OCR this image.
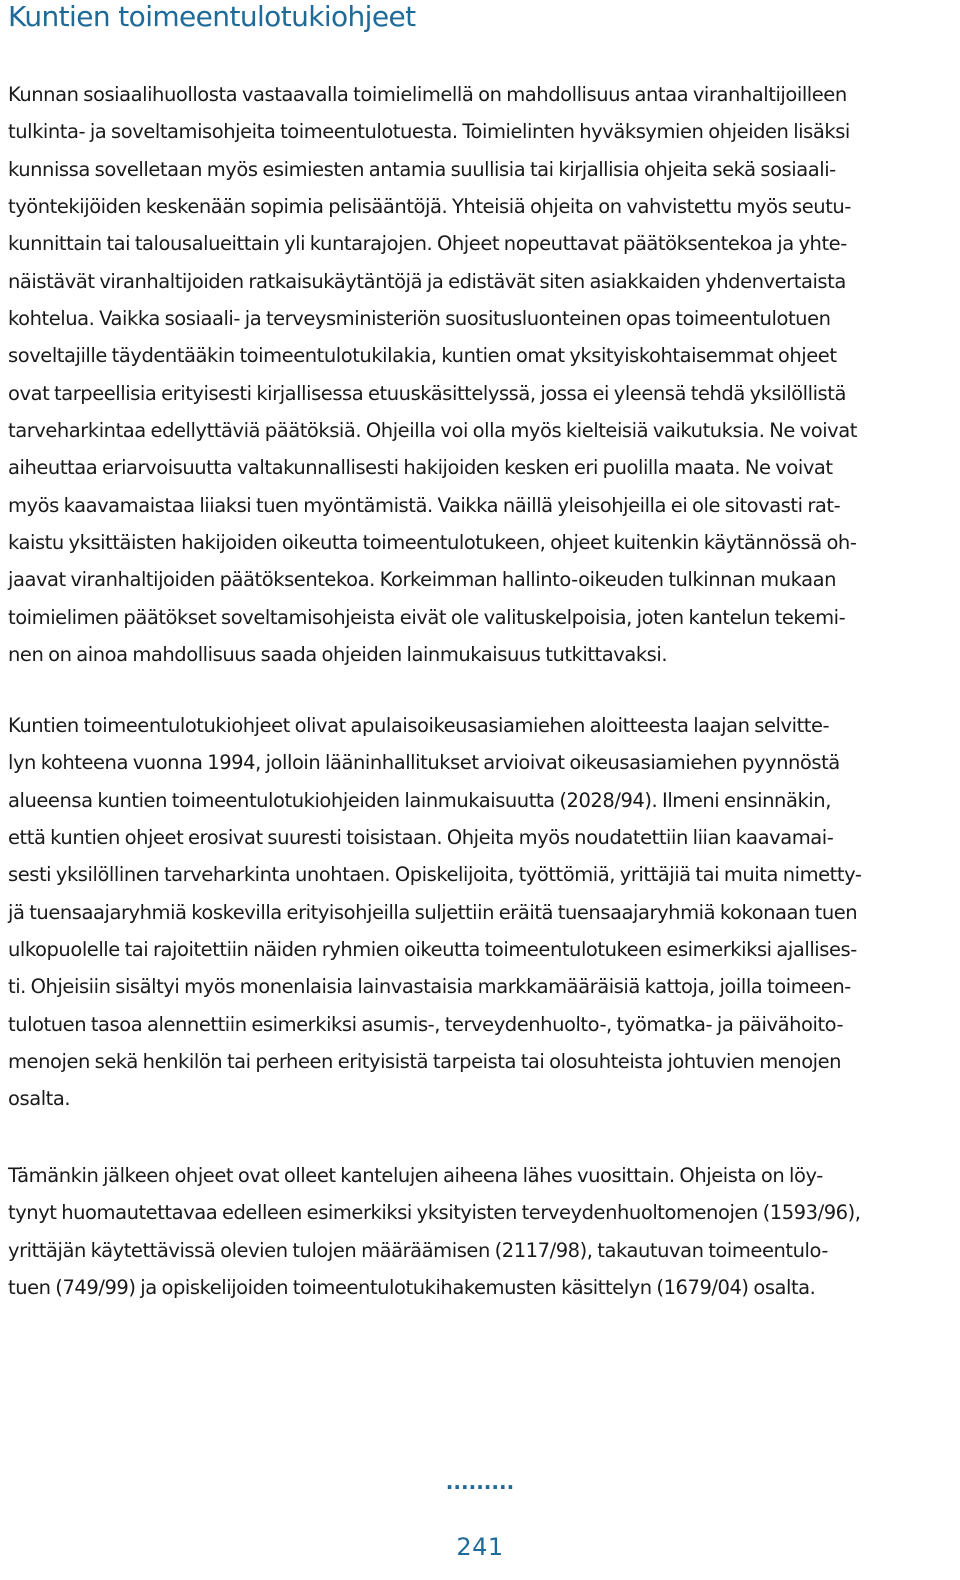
Kuntien toimeentulotukiohjeet
Kunnan sosiaalihuollosta vastaavalla toimielimellä on mahdollisuus antaa viranhaltijoilleen
tulkinta- ja soveltamisohjeita toimeentulotuesta. Toimielinten hyväksymien ohjeiden lisäksi
kunnissa sovelletaan myös esimiesten antamia suullisia tai kirjallisia ohjeita sekä sosiaali-
työntekijöiden keskenään sopimia pelisääntöjä. Yhteisiä ohjeita on vahvistettu myös seutu-
kunnittain tai talousalueittain yli kuntarajojen. Ohjeet nopeuttavat päätöksentekoa ja yhte-
näistävät viranhaltijoiden ratkaisukäytäntöjä ja edistävät siten asiakkaiden yhdenvertaista
kohtelua. Vaikka sosiaali- ja terveysministeriön suositusluonteinen opas toimeentulotuen
soveltajille täydentääkin toimeentulotukilakia, kuntien omat yksityiskohtaisemmat ohjeet
ovat tarpeellisia erityisesti kirjallisessa etuuskäsittelyssä, jossa ei yleensä tehdä yksilöllistä
tarveharkintaa edellyttäviä päätöksiä. Ohjeilla voi olla myös kielteisiä vaikutuksia. Ne voivat
aiheuttaa eriarvoisuutta valtakunnallisesti hakijoiden kesken eri puolilla maata. Ne voivat
myös kaavamaistaa liiaksi tuen myöntämistä. Vaikka näillä yleisohjeilla ei ole sitovasti rat-
kaistu yksittäisten hakijoiden oikeutta toimeentulotukeen, ohjeet kuitenkin käytännössä oh-
jaavat viranhaltijoiden päätöksentekoa. Korkeimman hallinto-oikeuden tulkinnan mukaan
toimielimen päätökset soveltamisohjeista eivät ole valituskelpoisia, joten kantelun tekemi-
nen on ainoa mahdollisuus saada ohjeiden lainmukaisuus tutkittavaksi.
Kuntien toimeentulotukiohjeet olivat apulaisoikeusasiamiehen aloitteesta laajan selvitte-
lyn kohteena vuonna 1994, jolloin lääninhallitukset arvioivat oikeusasiamiehen pyynnöstä
alueensa kuntien toimeentulotukiohjeiden lainmukaisuutta (2028/94). Ilmeni ensinnäkin,
että kuntien ohjeet erosivat suuresti toisistaan. Ohjeita myös noudatettiin liian kaavamai-
sesti yksilöllinen tarveharkinta unohtaen. Opiskelijoita, työttömiä, yrittäjiä tai muita nimetty-
jä tuensaajaryhmiä koskevilla erityisohjeilla suljettiin eräitä tuensaajaryhmiä kokonaan tuen
ulkopuolelle tai rajoitettiin näiden ryhmien oikeutta toimeentulotukeen esimerkiksi ajallises-
ti. Ohjeisiin sisältyi myös monenlaisia lainvastaisia markkamääräisiä kattoja, joilla toimeen-
tulotuen tasoa alennettiin esimerkiksi asumis-, terveydenhuolto-, työmatka- ja päivähoito-
menojen sekä henkilön tai perheen erityisistä tarpeista tai olosuhteista johtuvien menojen
osalta.
Tämänkin jälkeen ohjeet ovat olleet kantelujen aiheena lähes vuosittain. Ohjeista on löy-
tynyt huomautettavaa edelleen esimerkiksi yksityisten terveydenhuoltomenojen (1593/96),
yrittäjän käytettävissä olevien tulojen määräämisen (2117/98), takautuvan toimeentulo-
tuen (749/99) ja opiskelijoiden toimeentulotukihakemusten käsittelyn (1679/04) osalta.
.........
241
